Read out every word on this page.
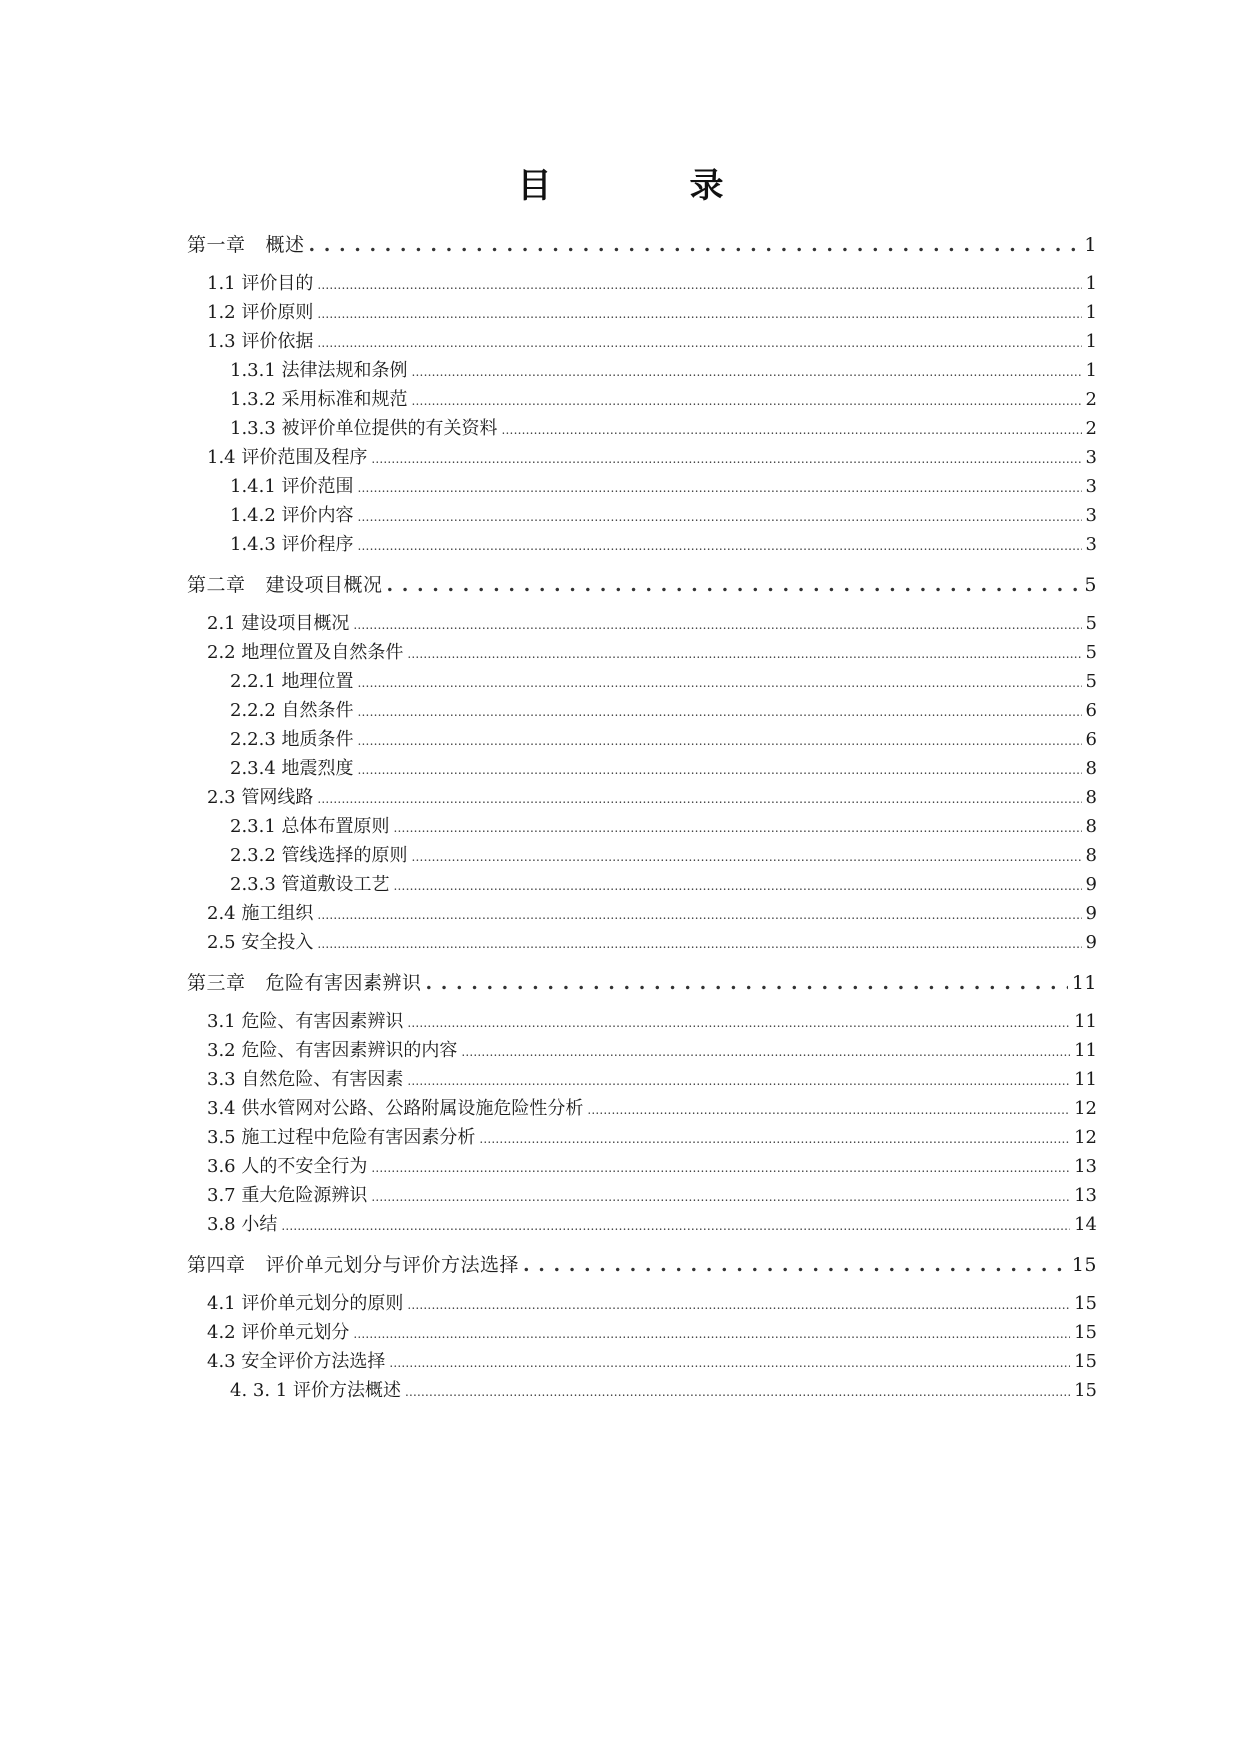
目　录
第一章 概述 . . .	1
1.1 评价目的 .....	1
1.2 评价原则 .....	1
1.3 评价依据 .....	1
1.3.1 法律法规和条例 .....	1
1.3.2 采用标准和规范 .....	2
1.3.3 被评价单位提供的有关资料 .....	2
1.4 评价范围及程序 .....	3
1.4.1 评价范围 .....	3
1.4.2 评价内容 .....	3
1.4.3 评价程序 .....	3
第二章 建设项目概况 . . .	5
2.1 建设项目概况 .....	5
2.2 地理位置及自然条件 .....	5
2.2.1 地理位置 .....	5
2.2.2 自然条件 .....	6
2.2.3 地质条件 .....	6
2.3.4 地震烈度 .....	8
2.3 管网线路 .....	8
2.3.1 总体布置原则 .....	8
2.3.2 管线选择的原则 .....	8
2.3.3 管道敷设工艺 .....	9
2.4 施工组织 .....	9
2.5 安全投入 .....	9
第三章 危险有害因素辨识 . . .	11
3.1 危险、有害因素辨识 .....	11
3.2 危险、有害因素辨识的内容 .....	11
3.3 自然危险、有害因素 .....	11
3.4 供水管网对公路、公路附属设施危险性分析 .....	12
3.5 施工过程中危险有害因素分析 .....	12
3.6 人的不安全行为 .....	13
3.7 重大危险源辨识 .....	13
3.8 小结 .....	14
第四章 评价单元划分与评价方法选择 . . .	15
4.1 评价单元划分的原则 .....	15
4.2 评价单元划分 .....	15
4.3 安全评价方法选择 .....	15
4. 3. 1 评价方法概述 .....	15
